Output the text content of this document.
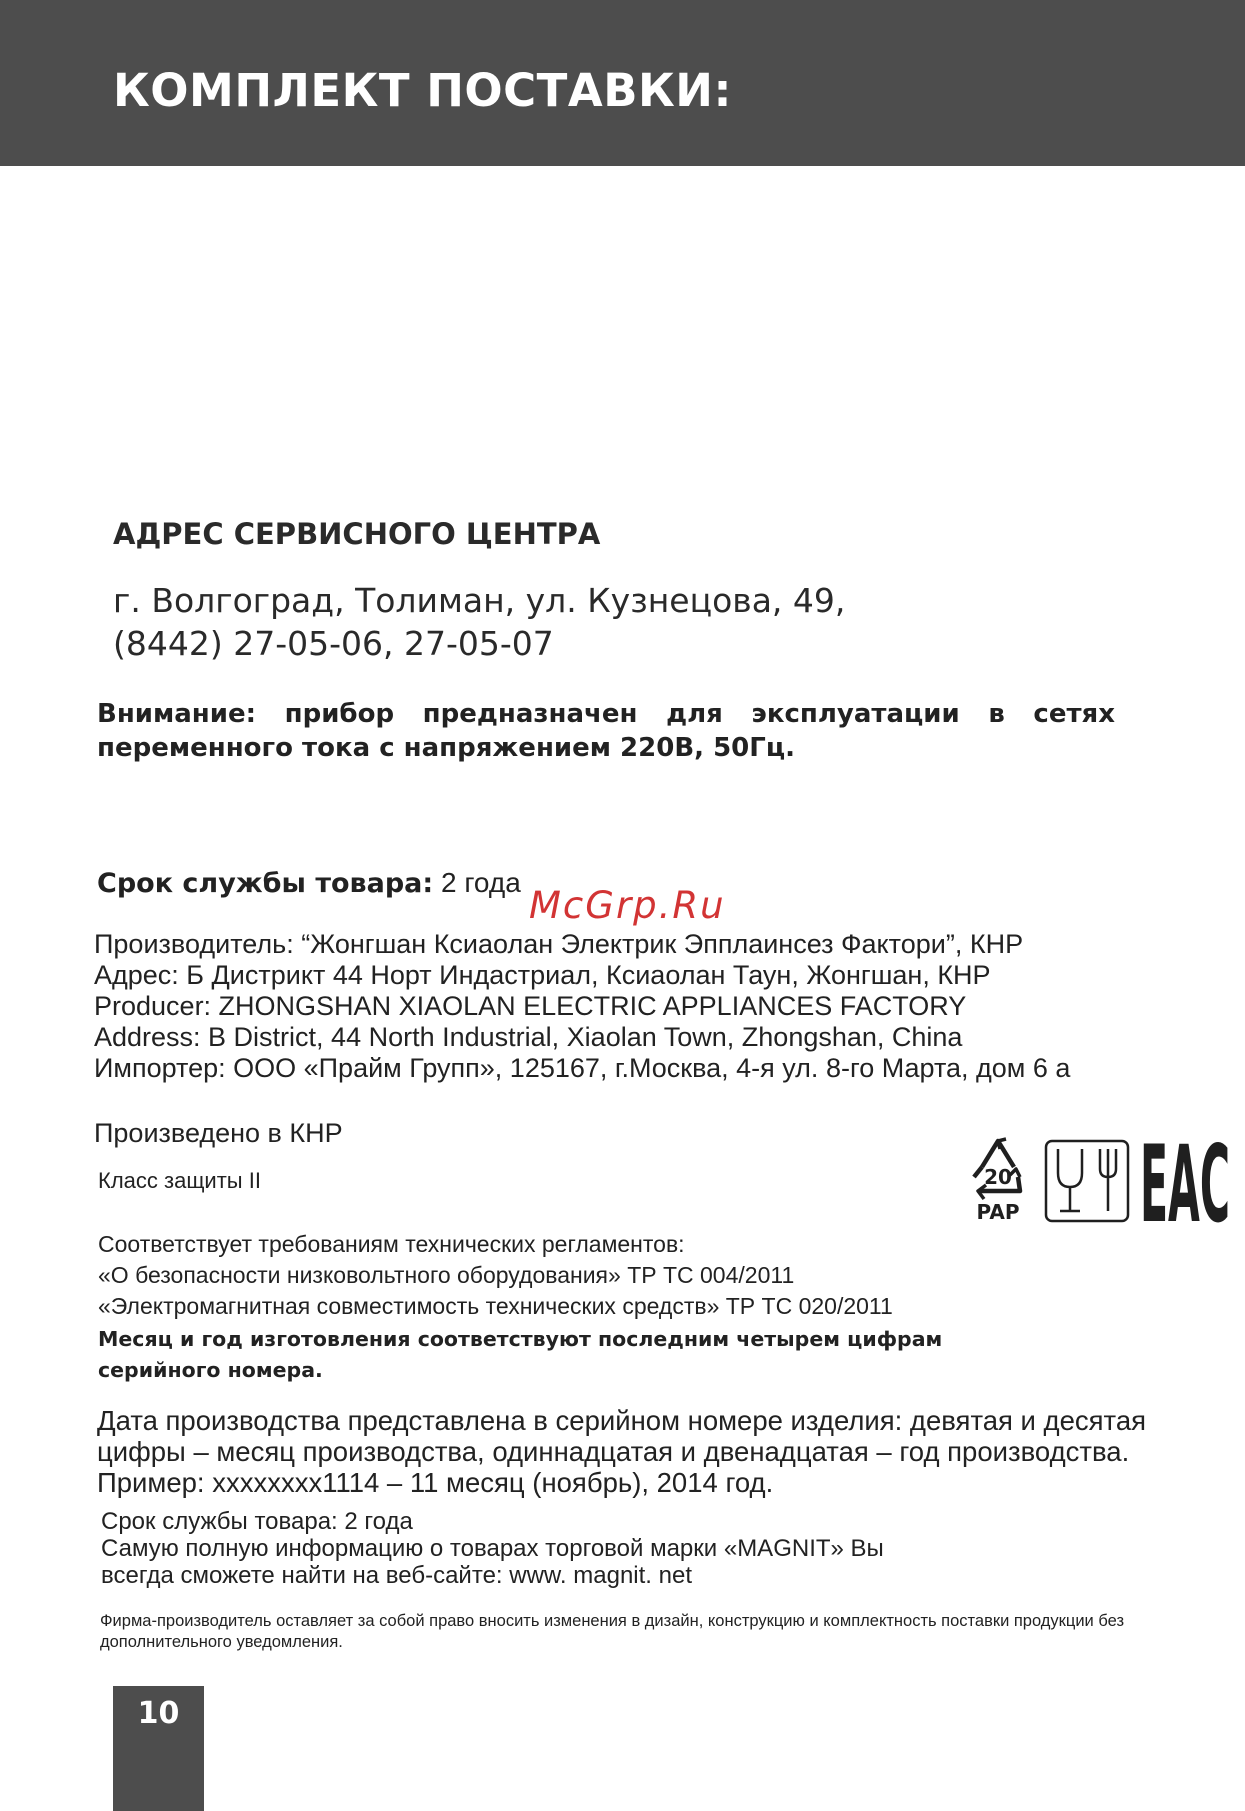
КОМПЛЕКТ ПОСТАВКИ:

АДРЕС СЕРВИСНОГО ЦЕНТРА

г. Волгоград, Толиман, ул. Кузнецова, 49,

(8442) 27-05-06, 27-05-07

Внимание: прибор предназначен для эксплуатации в сетях переменного тока с напряжением 220В, 50Гц.

Срок службы товара: 2 года

McGrp.Ru

Производитель: “Жонгшан Ксиаолан Электрик Эпплаинсез Фактори”, КНР

Адрес: Б Дистрикт 44 Норт Индастриал, Ксиаолан Таун, Жонгшан, КНР

Producer: ZHONGSHAN XIAOLAN ELECTRIC APPLIANCES FACTORY

Address: B District, 44 North Industrial, Xiaolan Town, Zhongshan, China

Импортер: ООО «Прайм Групп», 125167, г.Москва, 4-я ул. 8-го Марта, дом 6 а

Произведено в КНР

Класс защиты II	20
PAP EAC

Соответствует требованиям технических регламентов:

«О безопасности низковольтного оборудования» ТР ТС 004/2011

«Электромагнитная совместимость технических средств» ТР ТС 020/2011

Месяц и год изготовления соответствуют последним четырем цифрам серийного номера.

Дата производства представлена в серийном номере изделия: девятая и десятая

цифры – месяц производства, одиннадцатая и двенадцатая – год производства.

Пример: хххххххх1114 – 11 месяц (ноябрь), 2014 год.

Срок службы товара: 2 года

Самую полную информацию о товарах торговой марки «MAGNIT» Вы

всегда сможете найти на веб-сайте: www. magnit. net

Фирма-производитель оставляет за собой право вносить изменения в дизайн, конструкцию и комплектность поставки продукции без дополнительного уведомления.

10
